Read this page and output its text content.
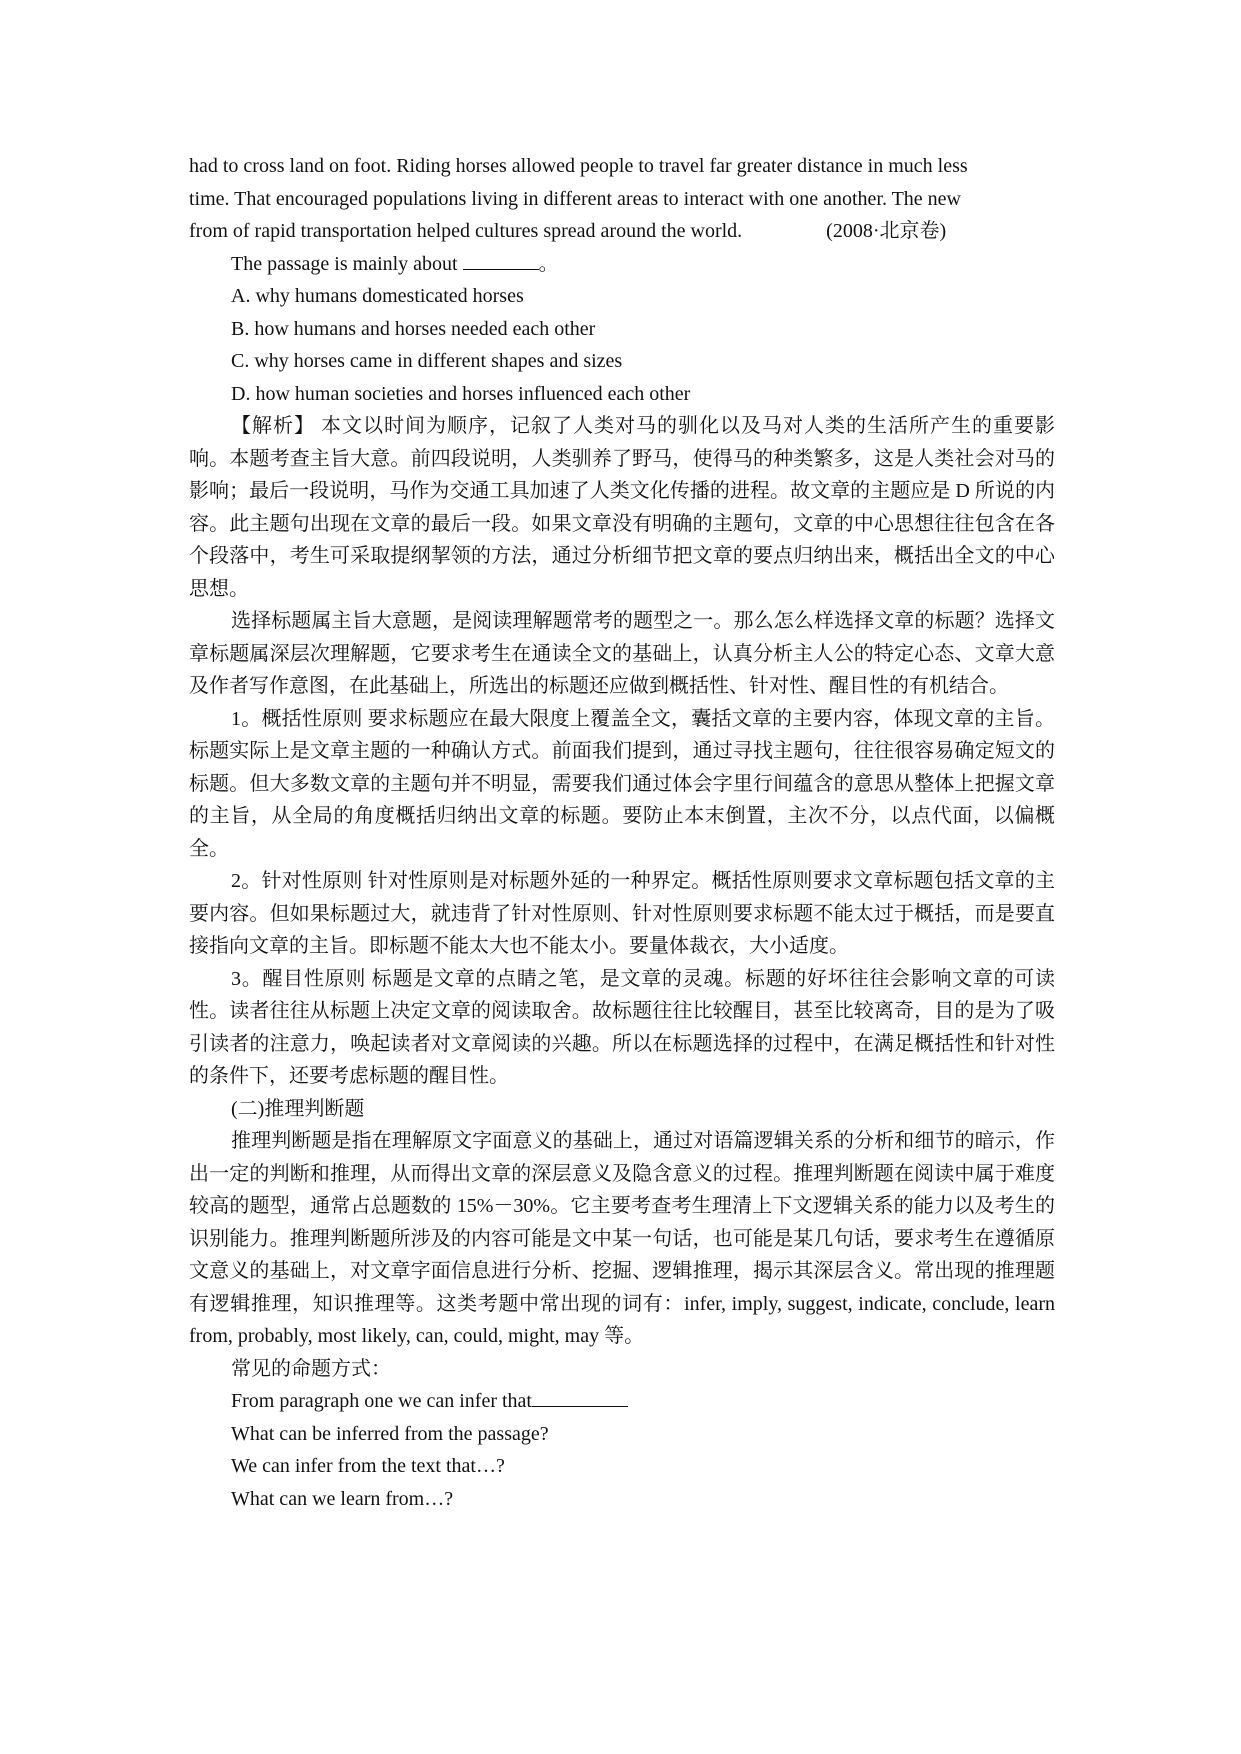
had to cross land on foot. Riding horses allowed people to travel far greater distance in much less

time. That encouraged populations living in different areas to interact with one another. The new

from of rapid transportation helped cultures spread around the world.	(2008·北京卷)

The passage is mainly about	。

A. why humans domesticated horses

B. how humans and horses needed each other

C. why horses came in different shapes and sizes

D. how human societies and horses influenced each other

【解析】 本文以时间为顺序，记叙了人类对马的驯化以及马对人类的生活所产生的重要影响。本题考查主旨大意。前四段说明，人类驯养了野马，使得马的种类繁多，这是人类社会对马的影响；最后一段说明，马作为交通工具加速了人类文化传播的进程。故文章的主题应是 D 所说的内容。此主题句出现在文章的最后一段。如果文章没有明确的主题句，文章的中心思想往往包含在各个段落中，考生可采取提纲挈领的方法，通过分析细节把文章的要点归纳出来，概括出全文的中心思想。

选择标题属主旨大意题，是阅读理解题常考的题型之一。那么怎么样选择文章的标题？选择文章标题属深层次理解题，它要求考生在通读全文的基础上，认真分析主人公的特定心态、文章大意及作者写作意图，在此基础上，所选出的标题还应做到概括性、针对性、醒目性的有机结合。

1。概括性原则 要求标题应在最大限度上覆盖全文，囊括文章的主要内容，体现文章的主旨。标题实际上是文章主题的一种确认方式。前面我们提到，通过寻找主题句，往往很容易确定短文的标题。但大多数文章的主题句并不明显，需要我们通过体会字里行间蕴含的意思从整体上把握文章的主旨，从全局的角度概括归纳出文章的标题。要防止本末倒置，主次不分，以点代面，以偏概全。

2。针对性原则 针对性原则是对标题外延的一种界定。概括性原则要求文章标题包括文章的主要内容。但如果标题过大，就违背了针对性原则、针对性原则要求标题不能太过于概括，而是要直接指向文章的主旨。即标题不能太大也不能太小。要量体裁衣，大小适度。

3。醒目性原则 标题是文章的点睛之笔，是文章的灵魂。标题的好坏往往会影响文章的可读性。读者往往从标题上决定文章的阅读取舍。故标题往往比较醒目，甚至比较离奇，目的是为了吸引读者的注意力，唤起读者对文章阅读的兴趣。所以在标题选择的过程中，在满足概括性和针对性的条件下，还要考虑标题的醒目性。

(二)推理判断题

推理判断题是指在理解原文字面意义的基础上，通过对语篇逻辑关系的分析和细节的暗示，作出一定的判断和推理，从而得出文章的深层意义及隐含意义的过程。推理判断题在阅读中属于难度较高的题型，通常占总题数的 15%－30%。它主要考查考生理清上下文逻辑关系的能力以及考生的识别能力。推理判断题所涉及的内容可能是文中某一句话，也可能是某几句话，要求考生在遵循原文意义的基础上，对文章字面信息进行分析、挖掘、逻辑推理，揭示其深层含义。常出现的推理题有逻辑推理，知识推理等。这类考题中常出现的词有：infer, imply, suggest, indicate, conclude, learn from, probably, most likely, can, could, might, may 等。

常见的命题方式：

From paragraph one we can infer that

What can be inferred from the passage?

We can infer from the text that…?

What can we learn from…?
